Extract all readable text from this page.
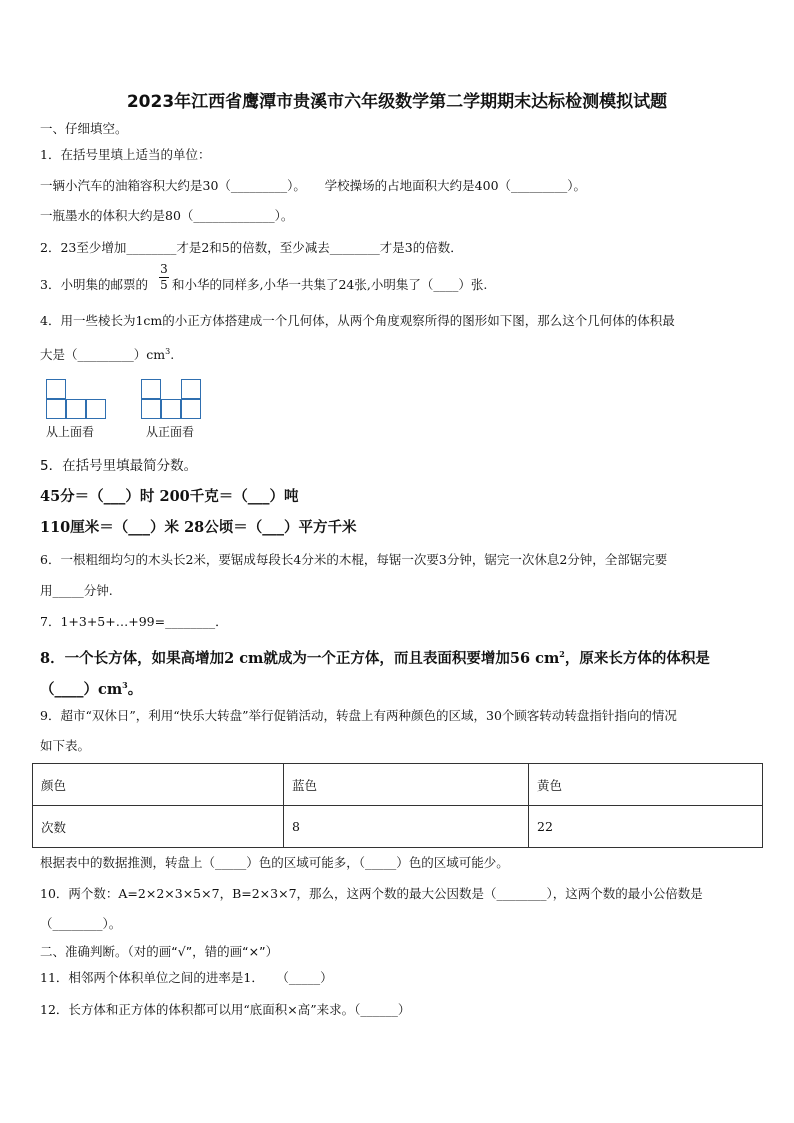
2023年江西省鹰潭市贵溪市六年级数学第二学期期末达标检测模拟试题
一、仔细填空。
1．在括号里填上适当的单位：
一辆小汽车的油箱容积大约是30（_________）。　　学校操场的占地面积大约是400（_________）。
一瓶墨水的体积大约是80（_____________）。
2．23至少增加________才是2和5的倍数，至少减去________才是3的倍数．
3．小明集的邮票的
3
5 和小华的同样多,小华一共集了24张,小明集了（____）张.
4．用一些棱长为1cm的小正方体搭建成一个几何体，从两个角度观察所得的图形如下图，那么这个几何体的体积最
大是$(\_\_\_\_\_\_\_\_\_)cm^3$.
从上面看	从正面看
5．在括号里填最简分数。
45分＝（___）时 200千克＝（___）吨
110厘米＝（___）米 28公顷＝（___）平方千米
6．一根粗细均匀的木头长2米，要锯成每段长4分米的木棍，每锯一次要3分钟，锯完一次休息2分钟，全部锯完要
用_____分钟.
7．1+3+5+…+99=________．
8．一个长方体，如果高增加2 cm就成为一个正方体，而且表面积要增加56 $cm^2$，原来长方体的体积是
$(\_\_\_\_)cm^3$。
9．超市“双休日”，利用“快乐大转盘”举行促销活动，转盘上有两种颜色的区域，30个顾客转动转盘指针指向的情况
如下表。
颜色	蓝色	黄色
次数	8	22
根据表中的数据推测，转盘上（_____）色的区域可能多，（_____）色的区域可能少。
10．两个数：A=2×2×3×5×7，B=2×3×7，那么，这两个数的最大公因数是（________），这两个数的最小公倍数是
（________）。
二、准确判断。（对的画“√”，错的画“×”）
11．相邻两个体积单位之间的进率是1．　　（_____）
12．长方体和正方体的体积都可以用“底面积×高”来求。（______）
